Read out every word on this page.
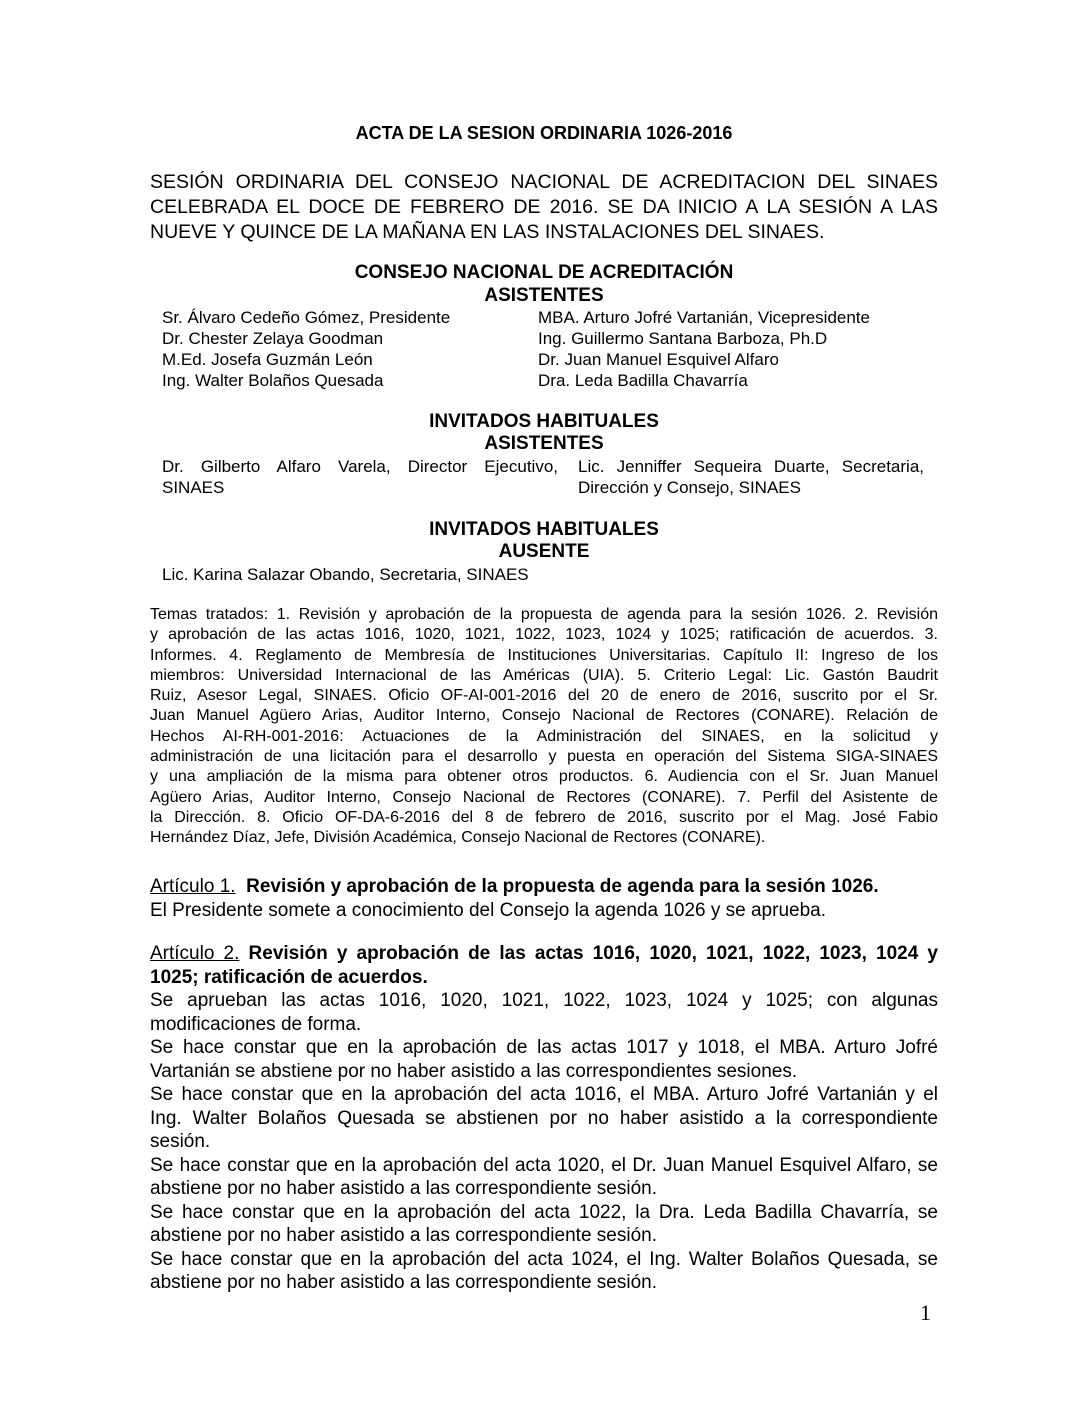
ACTA DE LA SESION ORDINARIA 1026-2016
SESIÓN ORDINARIA DEL CONSEJO NACIONAL DE ACREDITACION DEL SINAES
CELEBRADA EL DOCE DE FEBRERO DE 2016. SE DA INICIO A LA SESIÓN A LAS
NUEVE Y QUINCE DE LA MAÑANA EN LAS INSTALACIONES DEL SINAES.
CONSEJO NACIONAL DE ACREDITACIÓN
ASISTENTES
Sr. Álvaro Cedeño Gómez, Presidente
Dr. Chester Zelaya Goodman
M.Ed. Josefa Guzmán León
Ing. Walter Bolaños Quesada
MBA. Arturo Jofré Vartanián, Vicepresidente
Ing. Guillermo Santana Barboza, Ph.D
Dr. Juan Manuel Esquivel Alfaro
Dra. Leda Badilla Chavarría
INVITADOS HABITUALES
ASISTENTES
Dr. Gilberto Alfaro Varela, Director Ejecutivo,
SINAES
Lic. Jenniffer Sequeira Duarte, Secretaria,
Dirección y Consejo, SINAES
INVITADOS HABITUALES
AUSENTE
Lic. Karina Salazar Obando, Secretaria, SINAES
Temas tratados: 1. Revisión y aprobación de la propuesta de agenda para la sesión 1026. 2. Revisión
y aprobación de las actas 1016, 1020, 1021, 1022, 1023, 1024 y 1025; ratificación de acuerdos. 3.
Informes. 4. Reglamento de Membresía de Instituciones Universitarias. Capítulo II: Ingreso de los
miembros: Universidad Internacional de las Américas (UIA). 5. Criterio Legal: Lic. Gastón Baudrit
Ruiz, Asesor Legal, SINAES. Oficio OF-AI-001-2016 del 20 de enero de 2016, suscrito por el Sr.
Juan Manuel Agüero Arias, Auditor Interno, Consejo Nacional de Rectores (CONARE). Relación de
Hechos AI-RH-001-2016: Actuaciones de la Administración del SINAES, en la solicitud y
administración de una licitación para el desarrollo y puesta en operación del Sistema SIGA-SINAES
y una ampliación de la misma para obtener otros productos. 6. Audiencia con el Sr. Juan Manuel
Agüero Arias, Auditor Interno, Consejo Nacional de Rectores (CONARE). 7. Perfil del Asistente de
la Dirección. 8. Oficio OF-DA-6-2016 del 8 de febrero de 2016, suscrito por el Mag. José Fabio
Hernández Díaz, Jefe, División Académica, Consejo Nacional de Rectores (CONARE).
Artículo 1. Revisión y aprobación de la propuesta de agenda para la sesión 1026.
El Presidente somete a conocimiento del Consejo la agenda 1026 y se aprueba.
Artículo 2. Revisión y aprobación de las actas 1016, 1020, 1021, 1022, 1023, 1024 y
1025; ratificación de acuerdos.
Se aprueban las actas 1016, 1020, 1021, 1022, 1023, 1024 y 1025; con algunas
modificaciones de forma.
Se hace constar que en la aprobación de las actas 1017 y 1018, el MBA. Arturo Jofré
Vartanián se abstiene por no haber asistido a las correspondientes sesiones.
Se hace constar que en la aprobación del acta 1016, el MBA. Arturo Jofré Vartanián y el
Ing. Walter Bolaños Quesada se abstienen por no haber asistido a la correspondiente
sesión.
Se hace constar que en la aprobación del acta 1020, el Dr. Juan Manuel Esquivel Alfaro, se
abstiene por no haber asistido a las correspondiente sesión.
Se hace constar que en la aprobación del acta 1022, la Dra. Leda Badilla Chavarría, se
abstiene por no haber asistido a las correspondiente sesión.
Se hace constar que en la aprobación del acta 1024, el Ing. Walter Bolaños Quesada, se
abstiene por no haber asistido a las correspondiente sesión.
1
